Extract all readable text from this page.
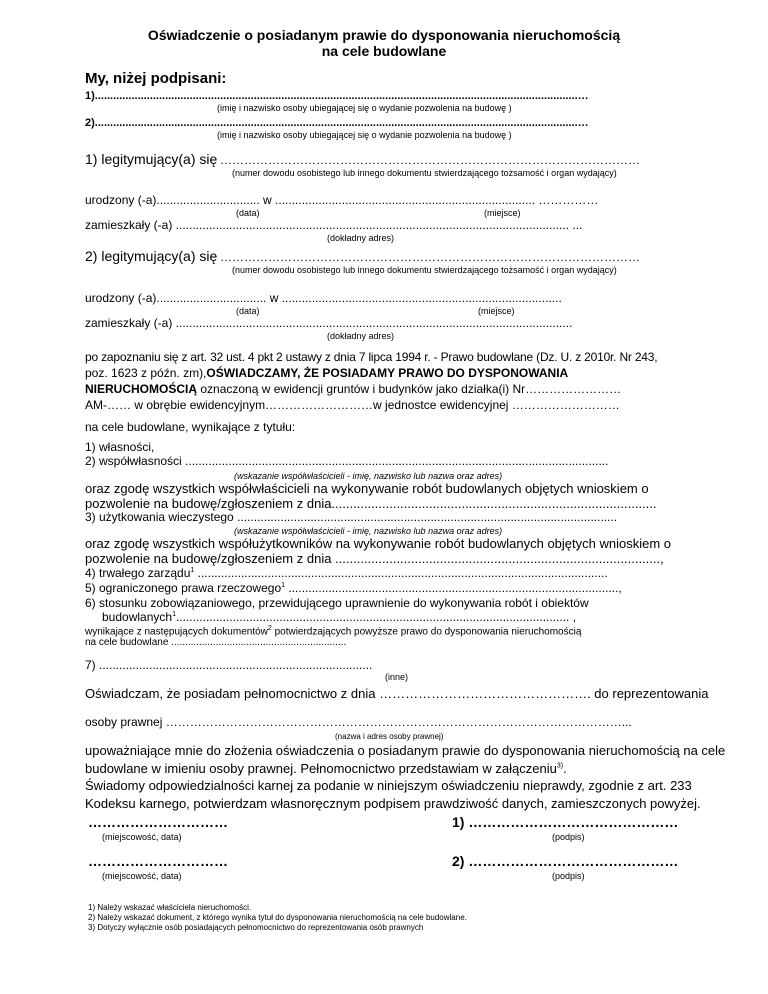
Oświadczenie o posiadanym prawie do dysponowania nieruchomością
na cele budowlane
My, niżej podpisani:
1)..............................................................................................................................................................…
(imię i nazwisko osoby ubiegającej się o wydanie pozwolenia na budowę )
2)..............................................................................................................................................................…
(imię i nazwisko osoby ubiegającej się o wydanie pozwolenia na budowę )
1) legitymujący(a) się ……………………………………………………………………………………………
(numer dowodu osobistego lub innego dokumentu stwierdzającego tożsamość i organ wydający)
urodzony (-a)............................... w .............................................................................. ……………
(data)	(miejsce)
zamieszkały (-a) ...................................................................................................................... ...
(dokładny adres)
2) legitymujący(a) się ……………………………………………………………………………………………
(numer dowodu osobistego lub innego dokumentu stwierdzającego tożsamość i organ wydający)
urodzony (-a)................................. w ....................................................................................
(data)	(miejsce)
zamieszkały (-a) .......................................................................................................................
(dokładny adres)
po zapoznaniu się z art. 32 ust. 4 pkt 2 ustawy z dnia 7 lipca 1994 r. - Prawo budowlane (Dz. U. z 2010r. Nr 243,
poz. 1623 z późn. zm),OŚWIADCZAMY, ŻE POSIADAMY PRAWO DO DYSPONOWANIA
NIERUCHOMOŚCIĄ oznaczoną w ewidencji gruntów i budynków jako działka(i) Nr……………………
AM-…… w obrębie ewidencyjnym………………………w jednostce ewidencyjnej ………………………
na cele budowlane, wynikające z tytułu:
1) własności,
2) współwłasności ...............................................................................................................................
(wskazanie współwłaścicieli - imię, nazwisko lub nazwa oraz adres)
oraz zgodę wszystkich współwłaścicieli na wykonywanie robót budowlanych objętych wnioskiem o
pozwolenie na budowę/zgłoszeniem z dnia..........................................................................................
3) użytkowania wieczystego ..................................................................................................................
(wskazanie współwłaścicieli - imię, nazwisko lub nazwa oraz adres)
oraz zgodę wszystkich współużytkowników na wykonywanie robót budowlanych objętych wnioskiem o
pozwolenie na budowę/zgłoszeniem z dnia ..........................................................................................,
4) trwałego zarządu$^1$ ...........................................................................................................................
5) ograniczonego prawa rzeczowego$^1$ ...................................................................................................,
6) stosunku zobowiązaniowego, przewidującego uprawnienie do wykonywania robót i obiektów
budowlanych$^1$...................................................................................................................... ,
wynikające z następujących dokumentów$^2$ potwierdzających powyższe prawo do dysponowania nieruchomością
na cele budowlane ...............................................................
7) ..................................................................................
(inne)
Oświadczam, że posiadam pełnomocnictwo z dnia …………………………………………. do reprezentowania
osoby prawnej ……………………………………………………………………………………………………...
(nazwa i adres osoby prawnej)
upoważniające mnie do złożenia oświadczenia o posiadanym prawie do dysponowania nieruchomością na cele
budowlane w imieniu osoby prawnej. Pełnomocnictwo przedstawiam w załączeniu$^{3)}$.
Świadomy odpowiedzialności karnej za podanie w niniejszym oświadczeniu nieprawdy, zgodnie z art. 233
Kodeksu karnego, potwierdzam własnoręcznym podpisem prawdziwość danych, zamieszczonych powyżej.
…………………………
(miejscowość, data)
1) ………………………………………
(podpis)
…………………………
(miejscowość, data)
2) ………………………………………
(podpis)
1) Należy wskazać właściciela nieruchomości.
2) Należy wskazać dokument, z którego wynika tytuł do dysponowania nieruchomością na cele budowlane.
3) Dotyczy wyłącznie osób posiadających pełnomocnictwo do reprezentowania osób prawnych
